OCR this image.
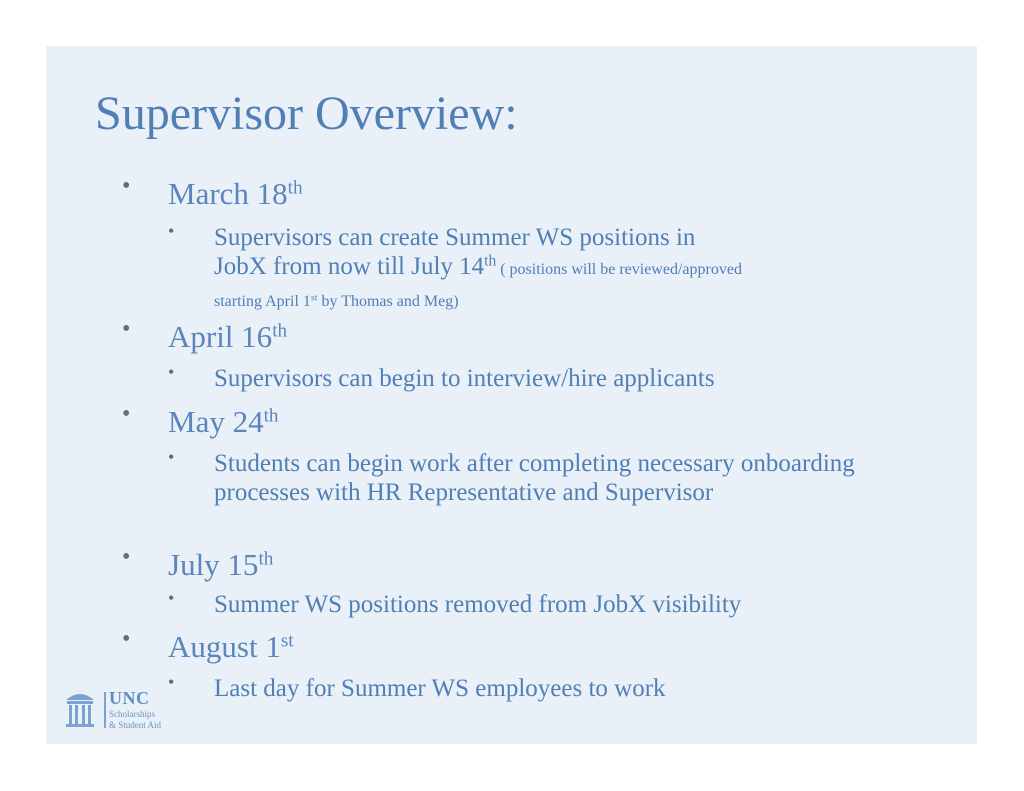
Supervisor Overview:
• March 18th
• Supervisors can create Summer WS positions in
JobX from now till July 14th ( positions will be reviewed/approved
starting April 1st by Thomas and Meg)
• April 16th
• Supervisors can begin to interview/hire applicants
• May 24th
• Students can begin work after completing necessary onboarding processes with HR Representative and Supervisor
• July 15th
• Summer WS positions removed from JobX visibility
• August 1st
• Last day for Summer WS employees to work
UNC
Scholarships
& Student Aid
